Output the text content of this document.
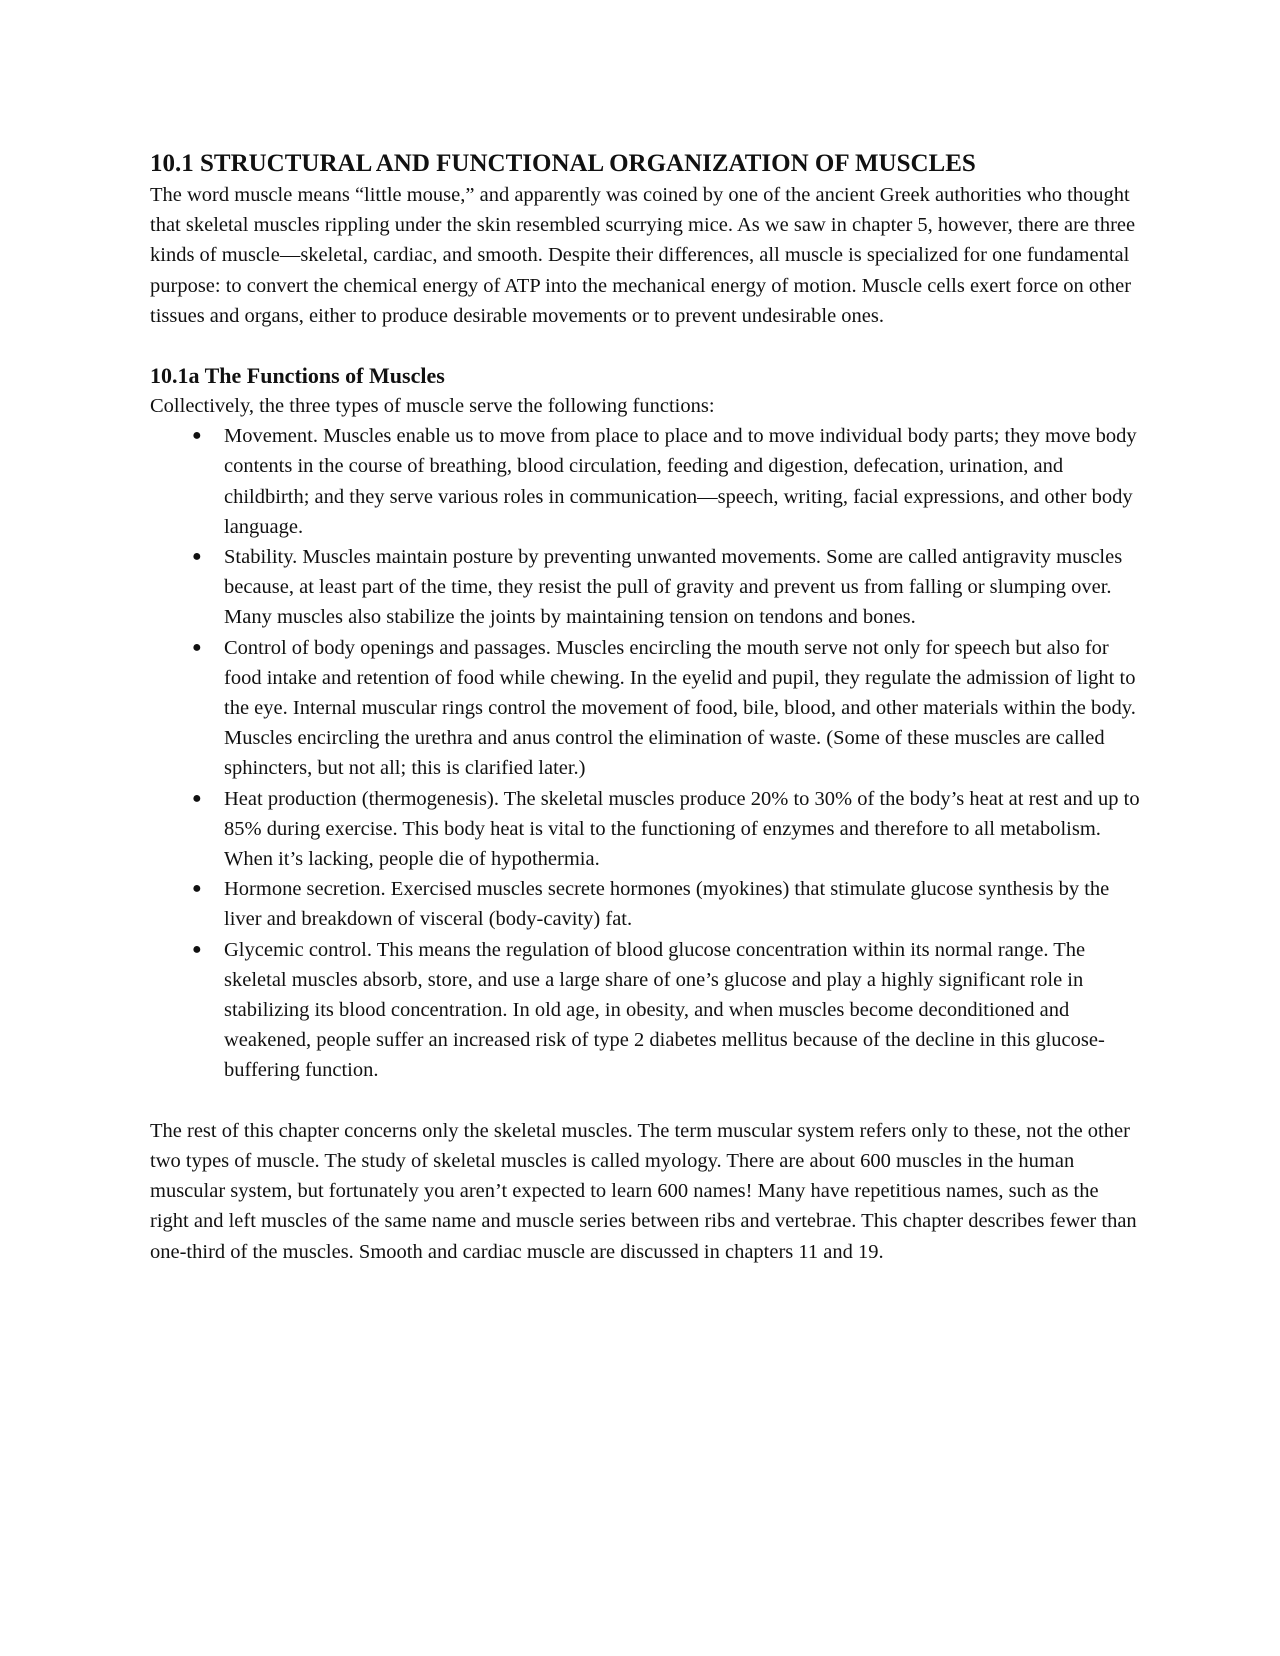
10.1 STRUCTURAL AND FUNCTIONAL ORGANIZATION OF MUSCLES

The word muscle means “little mouse,” and apparently was coined by one of the ancient Greek authorities who thought that skeletal muscles rippling under the skin resembled scurrying mice. As we saw in chapter 5, however, there are three kinds of muscle—skeletal, cardiac, and smooth. Despite their differences, all muscle is specialized for one fundamental purpose: to convert the chemical energy of ATP into the mechanical energy of motion. Muscle cells exert force on other tissues and organs, either to produce desirable movements or to prevent undesirable ones.

10.1a The Functions of Muscles

Collectively, the three types of muscle serve the following functions:

● Movement. Muscles enable us to move from place to place and to move individual body parts; they move body contents in the course of breathing, blood circulation, feeding and digestion, defecation, urination, and childbirth; and they serve various roles in communication—speech, writing, facial expressions, and other body language.
● Stability. Muscles maintain posture by preventing unwanted movements. Some are called antigravity muscles because, at least part of the time, they resist the pull of gravity and prevent us from falling or slumping over. Many muscles also stabilize the joints by maintaining tension on tendons and bones.
● Control of body openings and passages. Muscles encircling the mouth serve not only for speech but also for food intake and retention of food while chewing. In the eyelid and pupil, they regulate the admission of light to the eye. Internal muscular rings control the movement of food, bile, blood, and other materials within the body. Muscles encircling the urethra and anus control the elimination of waste. (Some of these muscles are called sphincters, but not all; this is clarified later.)
● Heat production (thermogenesis). The skeletal muscles produce 20% to 30% of the body’s heat at rest and up to 85% during exercise. This body heat is vital to the functioning of enzymes and therefore to all metabolism. When it’s lacking, people die of hypothermia.
● Hormone secretion. Exercised muscles secrete hormones (myokines) that stimulate glucose synthesis by the liver and breakdown of visceral (body-cavity) fat.
● Glycemic control. This means the regulation of blood glucose concentration within its normal range. The skeletal muscles absorb, store, and use a large share of one’s glucose and play a highly significant role in stabilizing its blood concentration. In old age, in obesity, and when muscles become deconditioned and weakened, people suffer an increased risk of type 2 diabetes mellitus because of the decline in this glucose-buffering function.

The rest of this chapter concerns only the skeletal muscles. The term muscular system refers only to these, not the other two types of muscle. The study of skeletal muscles is called myology. There are about 600 muscles in the human muscular system, but fortunately you aren’t expected to learn 600 names! Many have repetitious names, such as the right and left muscles of the same name and muscle series between ribs and vertebrae. This chapter describes fewer than one-third of the muscles. Smooth and cardiac muscle are discussed in chapters 11 and 19.
